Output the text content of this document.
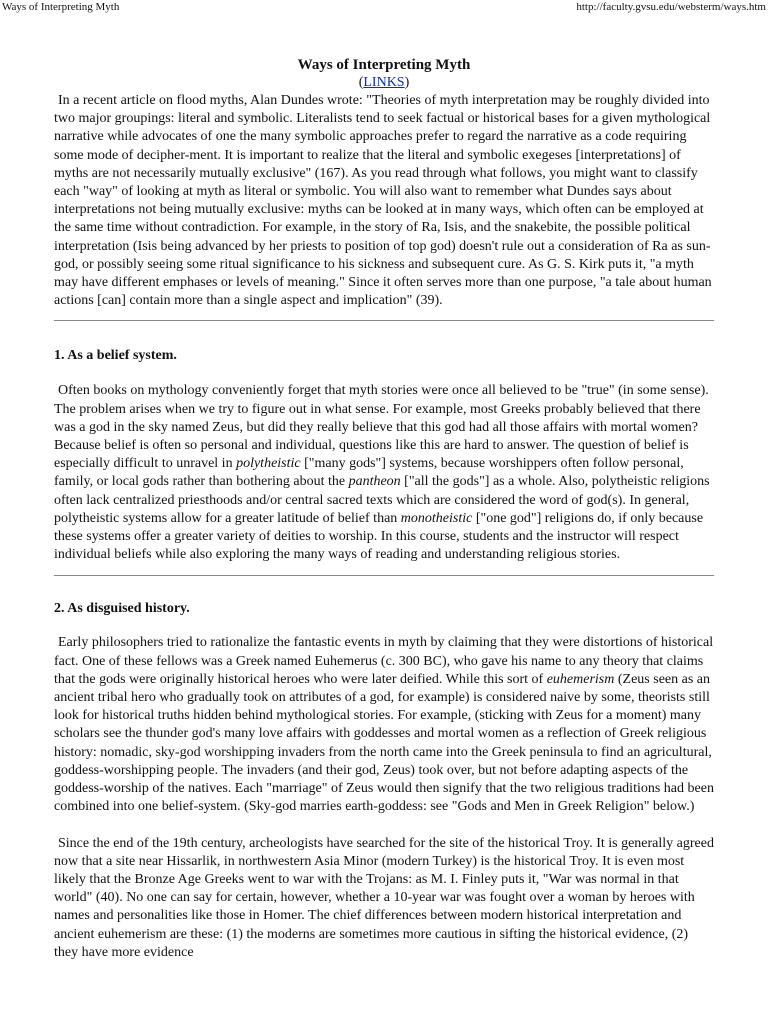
Ways of Interpreting Myth	http://faculty.gvsu.edu/websterm/ways.htm
Ways of Interpreting Myth

(LINKS)

In a recent article on flood myths, Alan Dundes wrote: "Theories of myth interpretation may be roughly divided into two major groupings: literal and symbolic. Literalists tend to seek factual or historical bases for a given mythological narrative while advocates of one the many symbolic approaches prefer to regard the narrative as a code requiring some mode of decipher-ment. It is important to realize that the literal and symbolic exegeses [interpretations] of myths are not necessarily mutually exclusive" (167). As you read through what follows, you might want to classify each "way" of looking at myth as literal or symbolic. You will also want to remember what Dundes says about interpretations not being mutually exclusive: myths can be looked at in many ways, which often can be employed at the same time without contradiction. For example, in the story of Ra, Isis, and the snakebite, the possible political interpretation (Isis being advanced by her priests to position of top god) doesn't rule out a consideration of Ra as sun-god, or possibly seeing some ritual significance to his sickness and subsequent cure. As G. S. Kirk puts it, "a myth may have different emphases or levels of meaning." Since it often serves more than one purpose, "a tale about human actions [can] contain more than a single aspect and implication" (39).

1. As a belief system.

Often books on mythology conveniently forget that myth stories were once all believed to be "true" (in some sense). The problem arises when we try to figure out in what sense. For example, most Greeks probably believed that there was a god in the sky named Zeus, but did they really believe that this god had all those affairs with mortal women? Because belief is often so personal and individual, questions like this are hard to answer. The question of belief is especially difficult to unravel in polytheistic ["many gods"] systems, because worshippers often follow personal, family, or local gods rather than bothering about the pantheon ["all the gods"] as a whole. Also, polytheistic religions often lack centralized priesthoods and/or central sacred texts which are considered the word of god(s). In general, polytheistic systems allow for a greater latitude of belief than monotheistic ["one god"] religions do, if only because these systems offer a greater variety of deities to worship. In this course, students and the instructor will respect individual beliefs while also exploring the many ways of reading and understanding religious stories.

2. As disguised history.

Early philosophers tried to rationalize the fantastic events in myth by claiming that they were distortions of historical fact. One of these fellows was a Greek named Euhemerus (c. 300 BC), who gave his name to any theory that claims that the gods were originally historical heroes who were later deified. While this sort of euhemerism (Zeus seen as an ancient tribal hero who gradually took on attributes of a god, for example) is considered naive by some, theorists still look for historical truths hidden behind mythological stories. For example, (sticking with Zeus for a moment) many scholars see the thunder god's many love affairs with goddesses and mortal women as a reflection of Greek religious history: nomadic, sky-god worshipping invaders from the north came into the Greek peninsula to find an agricultural, goddess-worshipping people. The invaders (and their god, Zeus) took over, but not before adapting aspects of the goddess-worship of the natives. Each "marriage" of Zeus would then signify that the two religious traditions had been combined into one belief-system. (Sky-god marries earth-goddess: see "Gods and Men in Greek Religion" below.)

Since the end of the 19th century, archeologists have searched for the site of the historical Troy. It is generally agreed now that a site near Hissarlik, in northwestern Asia Minor (modern Turkey) is the historical Troy. It is even most likely that the Bronze Age Greeks went to war with the Trojans: as M. I. Finley puts it, "War was normal in that world" (40). No one can say for certain, however, whether a 10-year war was fought over a woman by heroes with names and personalities like those in Homer. The chief differences between modern historical interpretation and ancient euhemerism are these: (1) the moderns are sometimes more cautious in sifting the historical evidence, (2) they have more evidence
